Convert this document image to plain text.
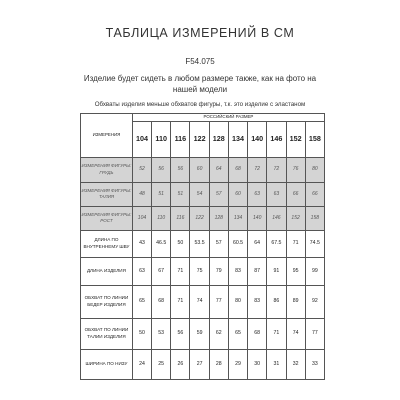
ТАБЛИЦА ИЗМЕРЕНИЙ В СМ
F54.075
Изделие будет сидеть в любом размере также, как на фото на нашей модели
Обхваты изделия меньше обхватов фигуры, т.к. это изделие с эластаном
ИЗМЕРЕНИЯ	РОССИЙСКИЙ РАЗМЕР									
	104	110	116	122	128	134	140	146	152	158
ИЗМЕРЕНИЯ ФИГУРЫ: ГРУДЬ	52	56	56	60	64	68	72	72	76	80
ИЗМЕРЕНИЯ ФИГУРЫ: ТАЛИЯ	48	51	51	54	57	60	63	63	66	66
ИЗМЕРЕНИЯ ФИГУРЫ: РОСТ	104	110	116	122	128	134	140	146	152	158
ДЛИНА ПО ВНУТРЕННЕМУ ШВУ	43	46.5	50	53.5	57	60.5	64	67.5	71	74.5
ДЛИНА ИЗДЕЛИЯ	63	67	71	75	79	83	87	91	95	99
ОБХВАТ ПО ЛИНИИ БЕДЕР ИЗДЕЛИЯ	65	68	71	74	77	80	83	86	89	92
ОБХВАТ ПО ЛИНИИ ТАЛИИ ИЗДЕЛИЯ	50	53	56	59	62	65	68	71	74	77
ШИРИНА ПО НИЗУ	24	25	26	27	28	29	30	31	32	33
